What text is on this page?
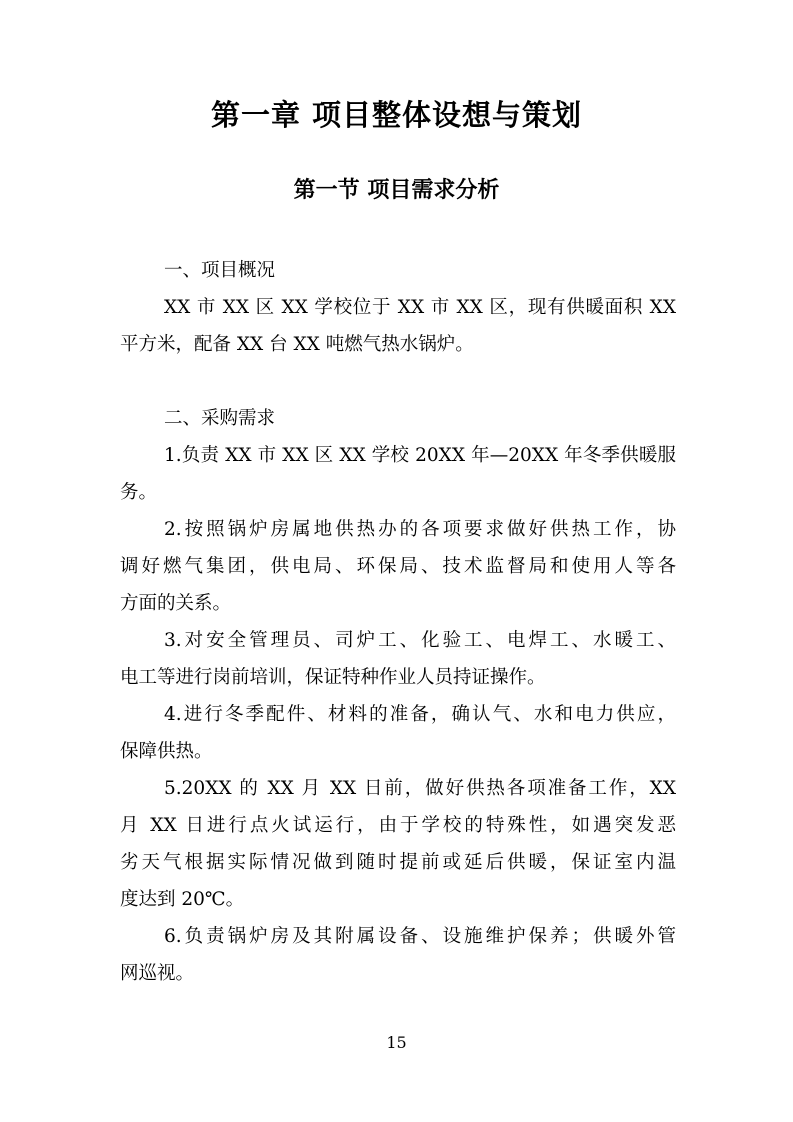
第一章 项目整体设想与策划
第一节 项目需求分析
一、项目概况
XX 市 XX 区 XX 学校位于 XX 市 XX 区，现有供暖面积 XX
平方米，配备 XX 台 XX 吨燃气热水锅炉。
二、采购需求
1.负责 XX 市 XX 区 XX 学校 20XX 年—20XX 年冬季供暖服
务。
2.按照锅炉房属地供热办的各项要求做好供热工作，协
调好燃气集团，供电局、环保局、技术监督局和使用人等各
方面的关系。
3.对安全管理员、司炉工、化验工、电焊工、水暖工、
电工等进行岗前培训，保证特种作业人员持证操作。
4.进行冬季配件、材料的准备，确认气、水和电力供应，
保障供热。
5.20XX 的 XX 月 XX 日前，做好供热各项准备工作，XX
月 XX 日进行点火试运行，由于学校的特殊性，如遇突发恶
劣天气根据实际情况做到随时提前或延后供暖，保证室内温
度达到 20℃。
6.负责锅炉房及其附属设备、设施维护保养；供暖外管
网巡视。
15
